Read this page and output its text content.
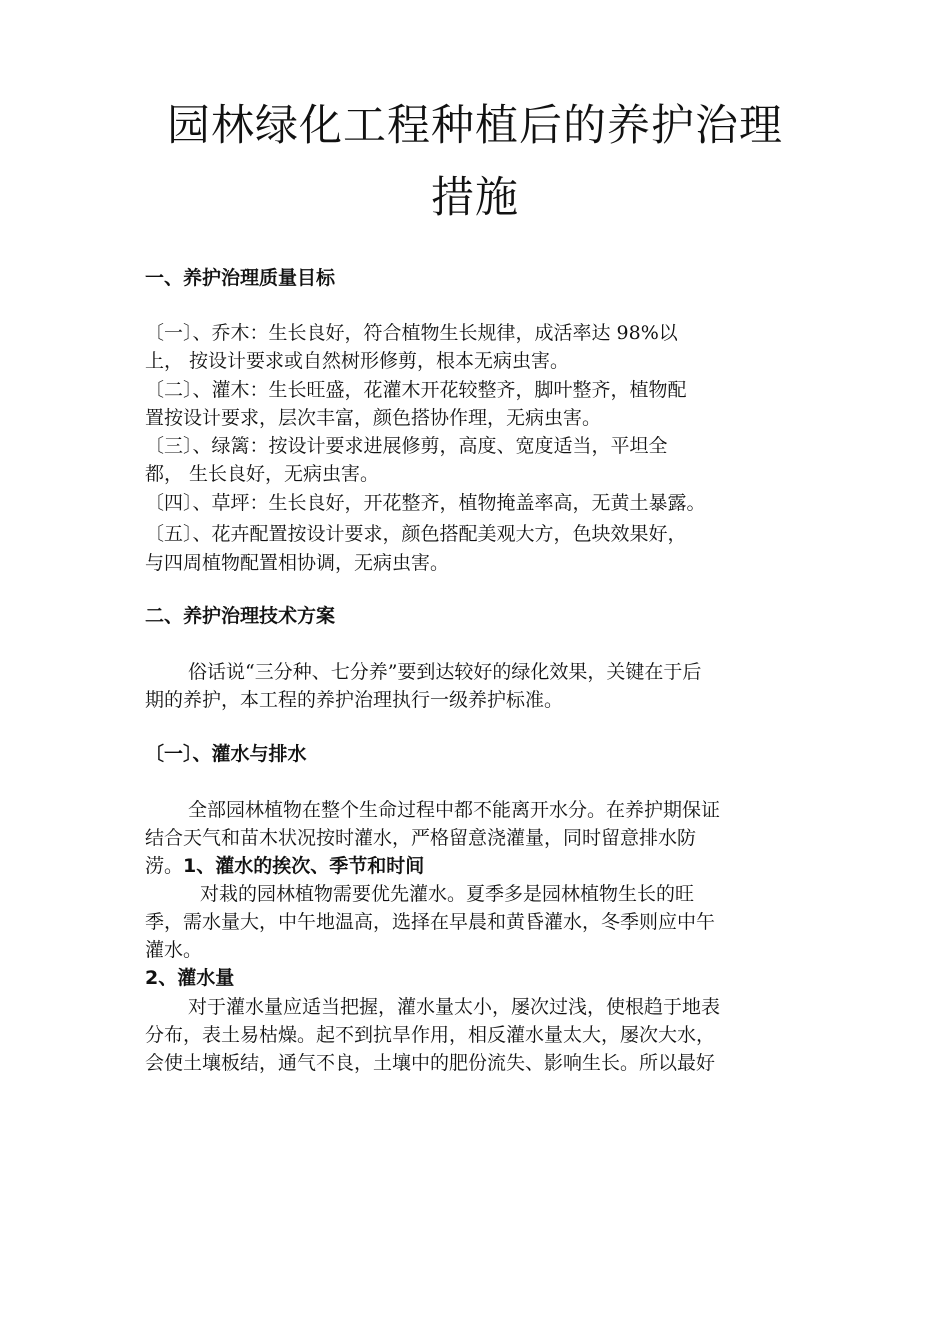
园林绿化工程种植后的养护治理
措施
一、养护治理质量目标
〔一〕、乔木：生长良好，符合植物生长规律，成活率达 98%以
上， 按设计要求或自然树形修剪，根本无病虫害。
〔二〕、灌木：生长旺盛，花灌木开花较整齐，脚叶整齐，植物配
置按设计要求，层次丰富，颜色搭协作理，无病虫害。
〔三〕、绿篱：按设计要求进展修剪，高度、宽度适当，平坦全
都， 生长良好，无病虫害。
〔四〕、草坪：生长良好，开花整齐，植物掩盖率高，无黄土暴露。
〔五〕、花卉配置按设计要求，颜色搭配美观大方，色块效果好，
与四周植物配置相协调，无病虫害。
二、养护治理技术方案
俗话说“三分种、七分养”要到达较好的绿化效果，关键在于后
期的养护，本工程的养护治理执行一级养护标准。
〔一〕、灌水与排水
全部园林植物在整个生命过程中都不能离开水分。在养护期保证
结合天气和苗木状况按时灌水，严格留意浇灌量，同时留意排水防
涝。1、灌水的挨次、季节和时间
对栽的园林植物需要优先灌水。夏季多是园林植物生长的旺
季，需水量大，中午地温高，选择在早晨和黄昏灌水，冬季则应中午
灌水。
2、灌水量
对于灌水量应适当把握，灌水量太小，屡次过浅，使根趋于地表
分布，表土易枯燥。起不到抗旱作用，相反灌水量太大，屡次大水，
会使土壤板结，通气不良，土壤中的肥份流失、影响生长。所以最好
